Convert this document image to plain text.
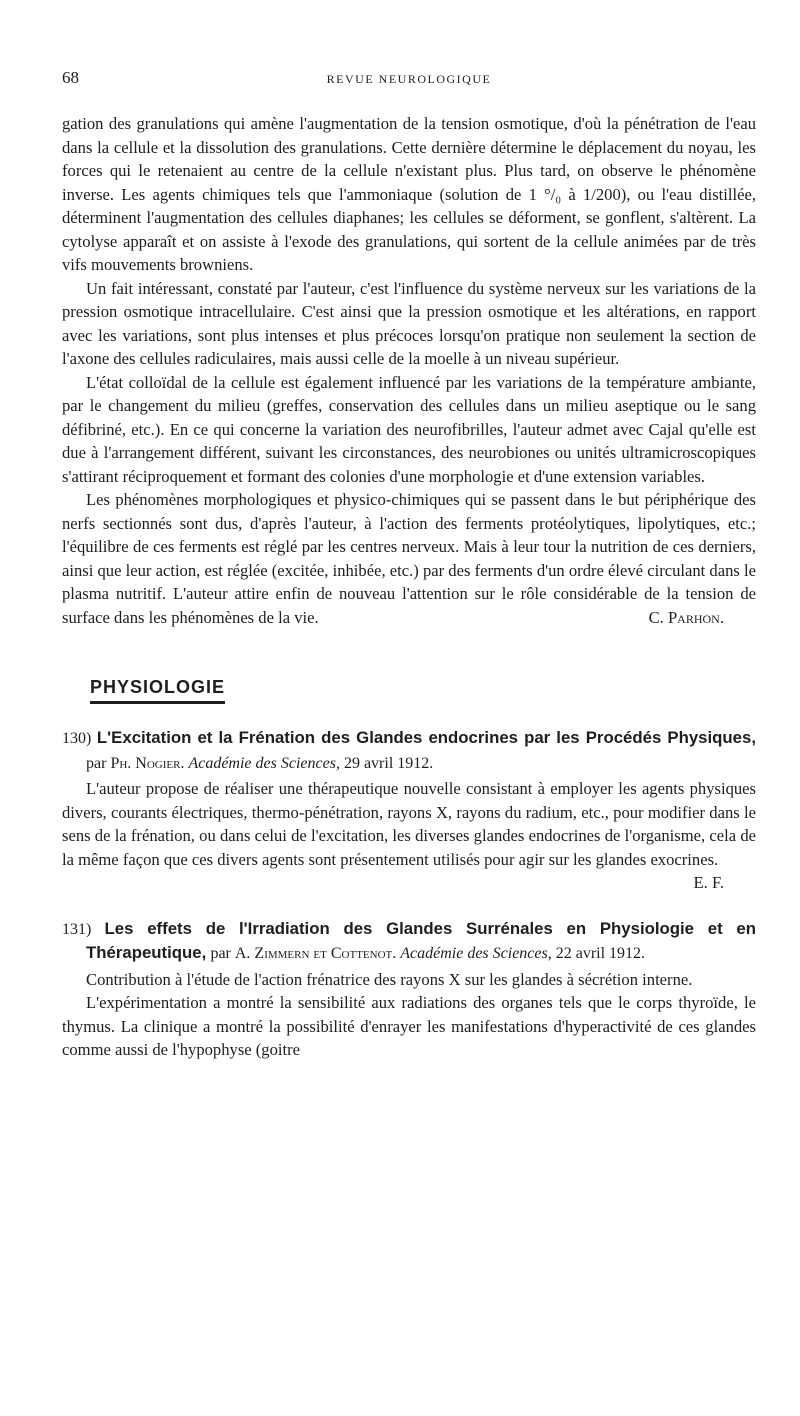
68	REVUE NEUROLOGIQUE

gation des granulations qui amène l'augmentation de la tension osmotique, d'où la pénétration de l'eau dans la cellule et la dissolution des granulations. Cette dernière détermine le déplacement du noyau, les forces qui le retenaient au centre de la cellule n'existant plus. Plus tard, on observe le phénomène inverse. Les agents chimiques tels que l'ammoniaque (solution de 1 °/₀ à 1/200), ou l'eau distillée, déterminent l'augmentation des cellules diaphanes; les cellules se déforment, se gonflent, s'altèrent. La cytolyse apparaît et on assiste à l'exode des granulations, qui sortent de la cellule animées par de très vifs mouvements browniens.

Un fait intéressant, constaté par l'auteur, c'est l'influence du système nerveux sur les variations de la pression osmotique intracellulaire. C'est ainsi que la pression osmotique et les altérations, en rapport avec les variations, sont plus intenses et plus précoces lorsqu'on pratique non seulement la section de l'axone des cellules radiculaires, mais aussi celle de la moelle à un niveau supérieur.

L'état colloïdal de la cellule est également influencé par les variations de la température ambiante, par le changement du milieu (greffes, conservation des cellules dans un milieu aseptique ou le sang défibriné, etc.). En ce qui concerne la variation des neurofibrilles, l'auteur admet avec Cajal qu'elle est due à l'arrangement différent, suivant les circonstances, des neurobiones ou unités ultramicroscopiques s'attirant réciproquement et formant des colonies d'une morphologie et d'une extension variables.

Les phénomènes morphologiques et physico-chimiques qui se passent dans le but périphérique des nerfs sectionnés sont dus, d'après l'auteur, à l'action des ferments protéolytiques, lipolytiques, etc.; l'équilibre de ces ferments est réglé par les centres nerveux. Mais à leur tour la nutrition de ces derniers, ainsi que leur action, est réglée (excitée, inhibée, etc.) par des ferments d'un ordre élevé circulant dans le plasma nutritif. L'auteur attire enfin de nouveau l'attention sur le rôle considérable de la tension de surface dans les phénomènes de la vie.	C. Parhon.

PHYSIOLOGIE
130) L'Excitation et la Frénation des Glandes endocrines par les Procédés Physiques, par Ph. Nogier. Académie des Sciences, 29 avril 1912.

L'auteur propose de réaliser une thérapeutique nouvelle consistant à employer les agents physiques divers, courants électriques, thermo-pénétration, rayons X, rayons du radium, etc., pour modifier dans le sens de la frénation, ou dans celui de l'excitation, les diverses glandes endocrines de l'organisme, cela de la même façon que ces divers agents sont présentement utilisés pour agir sur les glandes exocrines.
E. F.

131) Les effets de l'Irradiation des Glandes Surrénales en Physiologie et en Thérapeutique, par A. Zimmern et Cottenot. Académie des Sciences, 22 avril 1912.

Contribution à l'étude de l'action frénatrice des rayons X sur les glandes à sécrétion interne.

L'expérimentation a montré la sensibilité aux radiations des organes tels que le corps thyroïde, le thymus. La clinique a montré la possibilité d'enrayer les manifestations d'hyperactivité de ces glandes comme aussi de l'hypophyse (goitre
